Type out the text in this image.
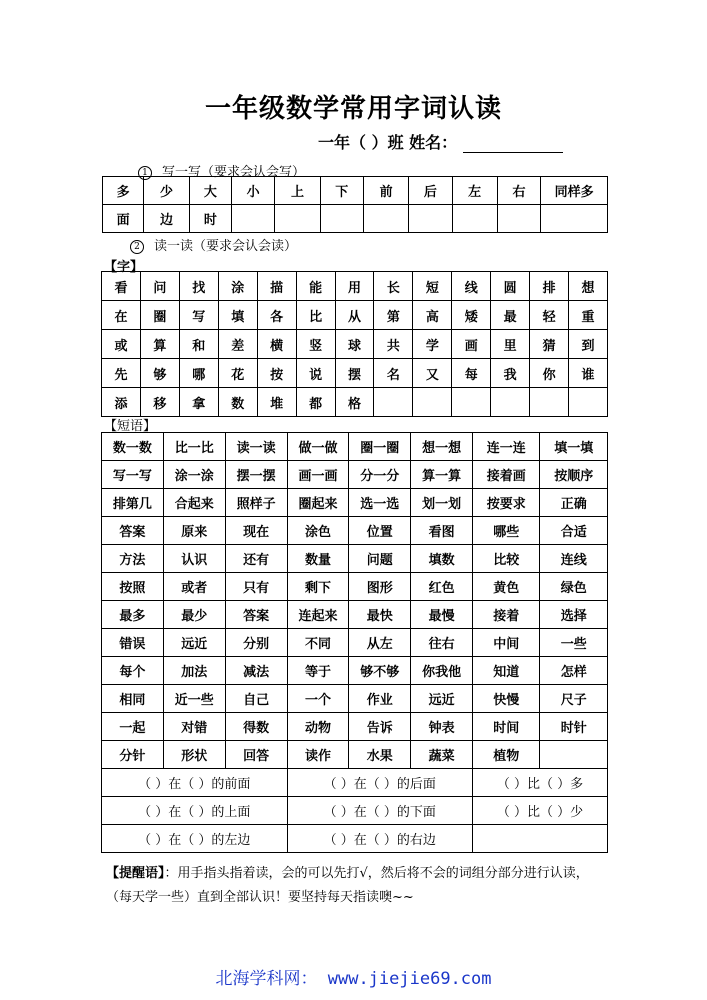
一年级数学常用字词认读
一年（ ）班 姓名：
1 写一写（要求会认会写）
多	少	大	小	上	下	前	后	左	右	同样多
面	边	时								
2 读一读（要求会认会读）
【字】
看	问	找	涂	描	能	用	长	短	线	圆	排	想
在	圈	写	填	各	比	从	第	高	矮	最	轻	重
或	算	和	差	横	竖	球	共	学	画	里	猜	到
先	够	哪	花	按	说	摆	名	又	每	我	你	谁
添	移	拿	数	堆	都	格						
【短语】
数一数	比一比	读一读	做一做	圈一圈	想一想	连一连	填一填
写一写	涂一涂	摆一摆	画一画	分一分	算一算	接着画	按顺序
排第几	合起来	照样子	圈起来	选一选	划一划	按要求	正确
答案	原来	现在	涂色	位置	看图	哪些	合适
方法	认识	还有	数量	问题	填数	比较	连线
按照	或者	只有	剩下	图形	红色	黄色	绿色
最多	最少	答案	连起来	最快	最慢	接着	选择
错误	远近	分别	不同	从左	往右	中间	一些
每个	加法	减法	等于	够不够	你我他	知道	怎样
相同	近一些	自己	一个	作业	远近	快慢	尺子
一起	对错	得数	动物	告诉	钟表	时间	时针
分针	形状	回答	读作	水果	蔬菜	植物	
（ ）在（ ）的前面			（ ）在（ ）的后面			（ ）比（ ）多	
（ ）在（ ）的上面			（ ）在（ ）的下面			（ ）比（ ）少	
（ ）在（ ）的左边			（ ）在（ ）的右边				
【提醒语】：用手指头指着读，会的可以先打√，然后将不会的词组分部分进行认读，（每天学一些）直到全部认识！要坚持每天指读噢~~
北海学科网： www.jiejie69.com
